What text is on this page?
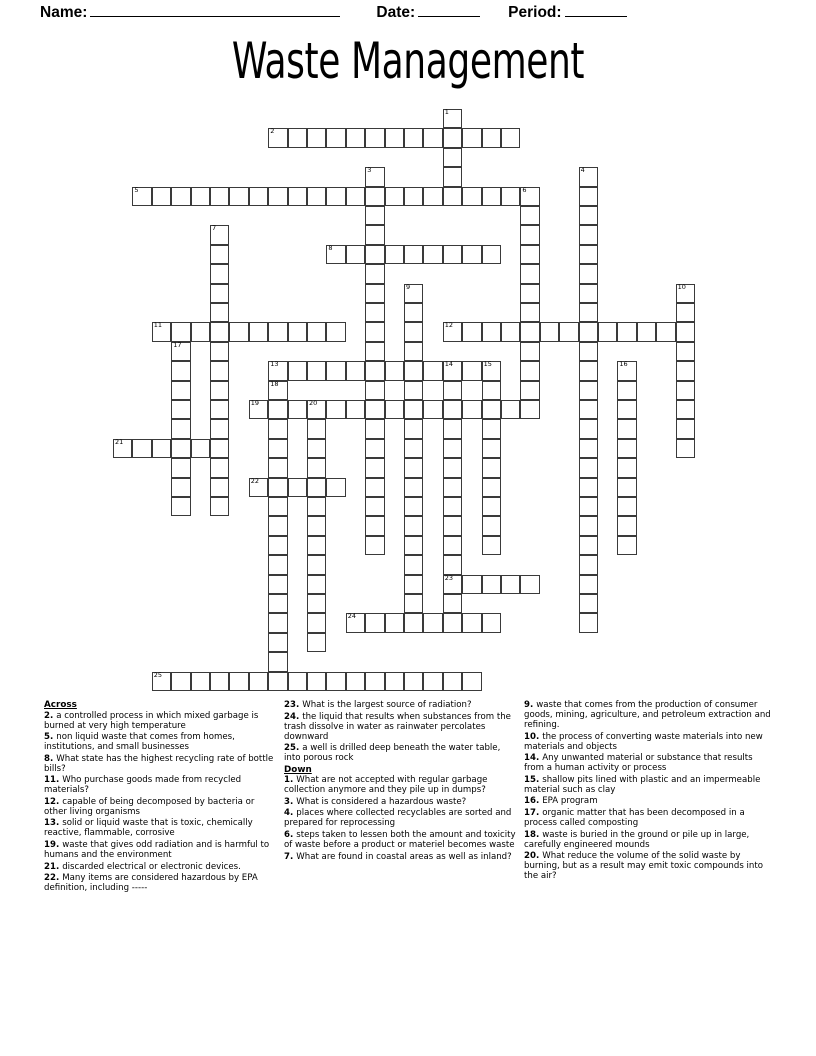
Name:	Date:	Period:
Waste Management
1
2
3	4
5	6
7
8
9	10
11	12
13	14	15
23
16
17
18
19	20
21
22
24
25
Across

2. a controlled process in which mixed garbage is burned at very high temperature

5. non liquid waste that comes from homes, institutions, and small businesses

8. What state has the highest recycling rate of bottle bills?

11. Who purchase goods made from recycled materials?

12. capable of being decomposed by bacteria or other living organisms

13. solid or liquid waste that is toxic, chemically reactive, flammable, corrosive

19. waste that gives odd radiation and is harmful to humans and the environment

21. discarded electrical or electronic devices.

22. Many items are considered hazardous by EPA definition, including -----

23. What is the largest source of radiation?

24. the liquid that results when substances from the trash dissolve in water as rainwater percolates downward

25. a well is drilled deep beneath the water table, into porous rock

Down

1. What are not accepted with regular garbage collection anymore and they pile up in dumps?

3. What is considered a hazardous waste?

4. places where collected recyclables are sorted and prepared for reprocessing

6. steps taken to lessen both the amount and toxicity of waste before a product or materiel becomes waste

7. What are found in coastal areas as well as inland?

9. waste that comes from the production of consumer goods, mining, agriculture, and petroleum extraction and refining.

10. the process of converting waste materials into new materials and objects

14. Any unwanted material or substance that results from a human activity or process

15. shallow pits lined with plastic and an impermeable material such as clay

16. EPA program

17. organic matter that has been decomposed in a process called composting

18. waste is buried in the ground or pile up in large, carefully engineered mounds

20. What reduce the volume of the solid waste by burning, but as a result may emit toxic compounds into the air?
